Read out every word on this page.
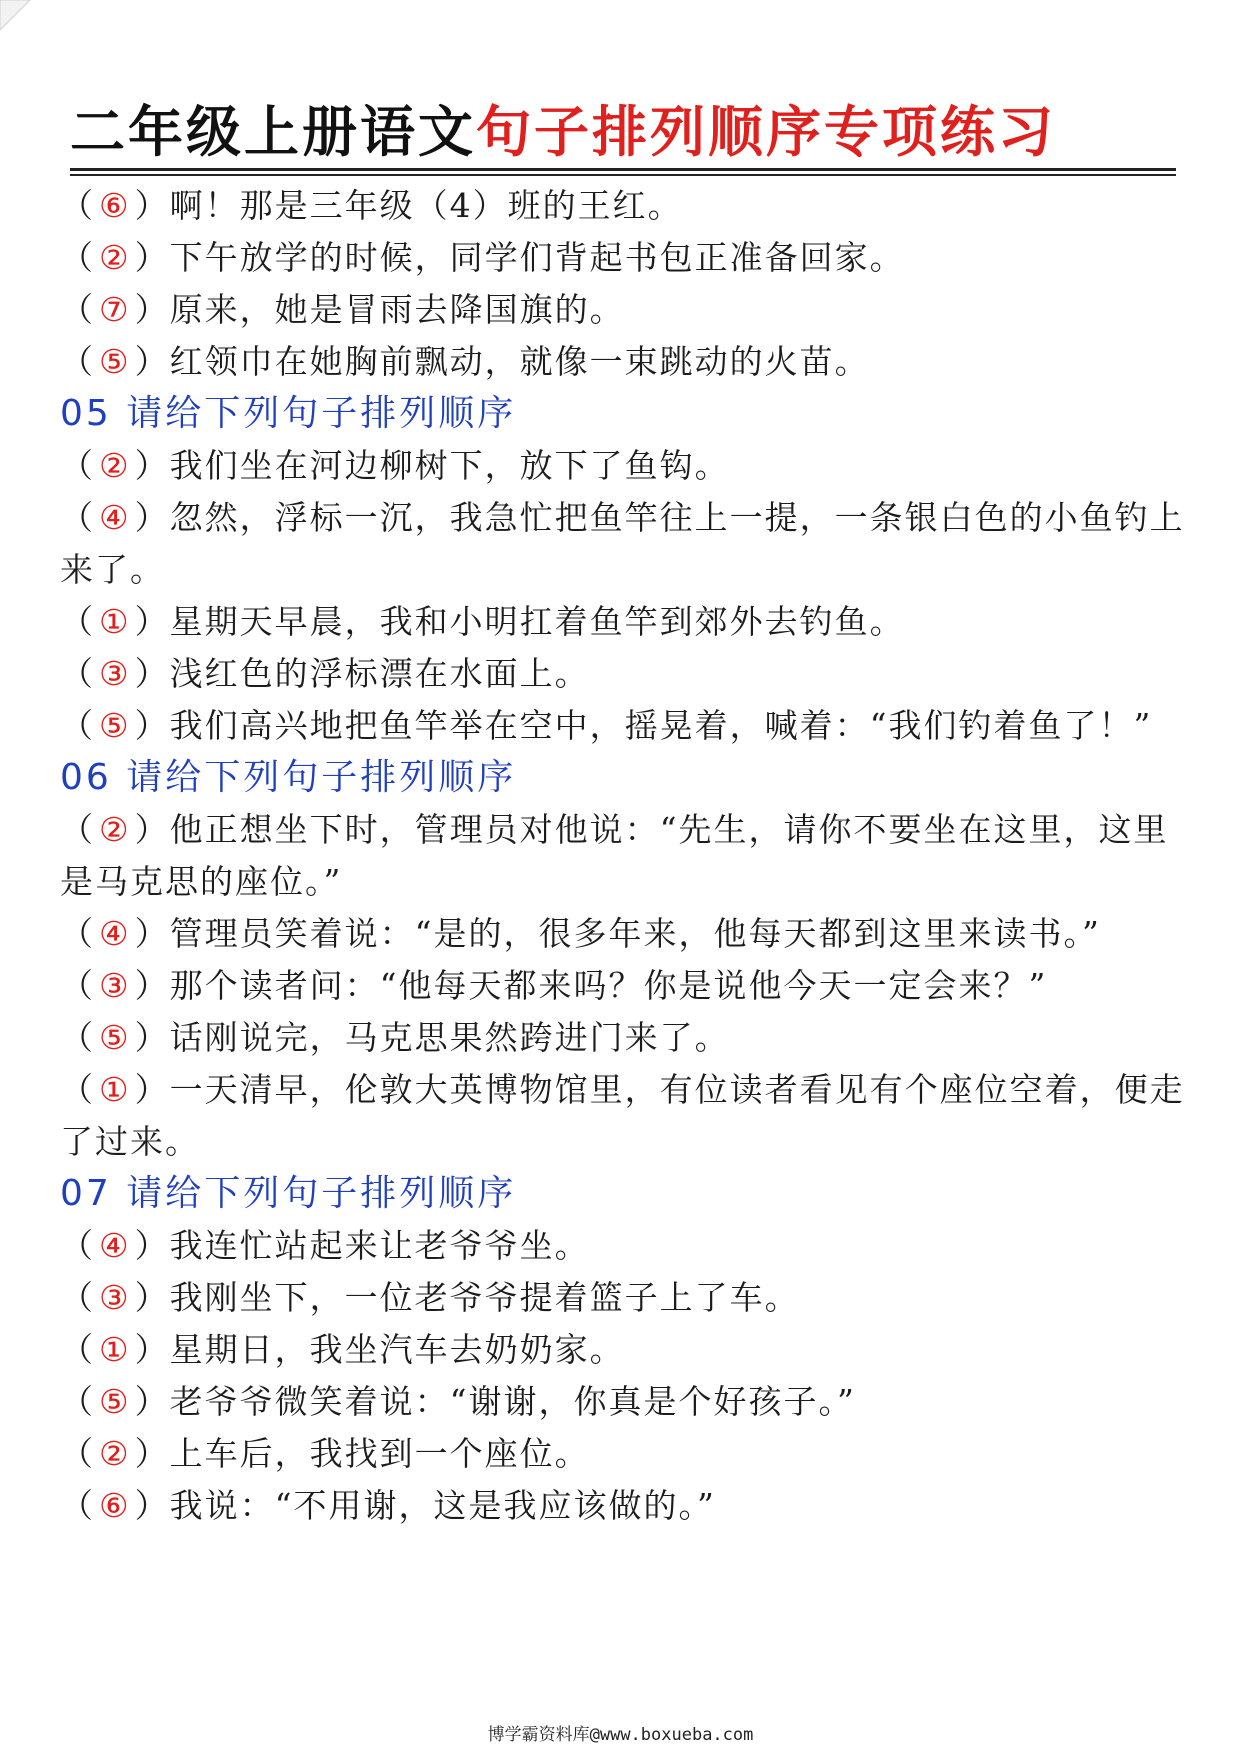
二年级上册语文句子排列顺序专项练习
（ ⑥ ）啊！那是三年级（4）班的王红。
（ ② ）下午放学的时候，同学们背起书包正准备回家。
（ ⑦ ）原来，她是冒雨去降国旗的。
（ ⑤ ）红领巾在她胸前飘动，就像一束跳动的火苗。
05 请给下列句子排列顺序
（ ② ）我们坐在河边柳树下，放下了鱼钩。
（ ④ ）忽然，浮标一沉，我急忙把鱼竿往上一提，一条银白色的小鱼钓上来了。
（ ① ）星期天早晨，我和小明扛着鱼竿到郊外去钓鱼。
（ ③ ）浅红色的浮标漂在水面上。
（ ⑤ ）我们高兴地把鱼竿举在空中，摇晃着，喊着：“我们钓着鱼了！”
06 请给下列句子排列顺序
（ ② ）他正想坐下时，管理员对他说：“先生，请你不要坐在这里，这里是马克思的座位。”
（ ④ ）管理员笑着说：“是的，很多年来，他每天都到这里来读书。”
（ ③ ）那个读者问：“他每天都来吗？你是说他今天一定会来？”
（ ⑤ ）话刚说完，马克思果然跨进门来了。
（ ① ）一天清早，伦敦大英博物馆里，有位读者看见有个座位空着，便走了过来。
07 请给下列句子排列顺序
（ ④ ）我连忙站起来让老爷爷坐。
（ ③ ）我刚坐下，一位老爷爷提着篮子上了车。
（ ① ）星期日，我坐汽车去奶奶家。
（ ⑤ ）老爷爷微笑着说：“谢谢，你真是个好孩子。”
（ ② ）上车后，我找到一个座位。
（ ⑥ ）我说：“不用谢，这是我应该做的。”
博学霸资料库@www.boxueba.com
